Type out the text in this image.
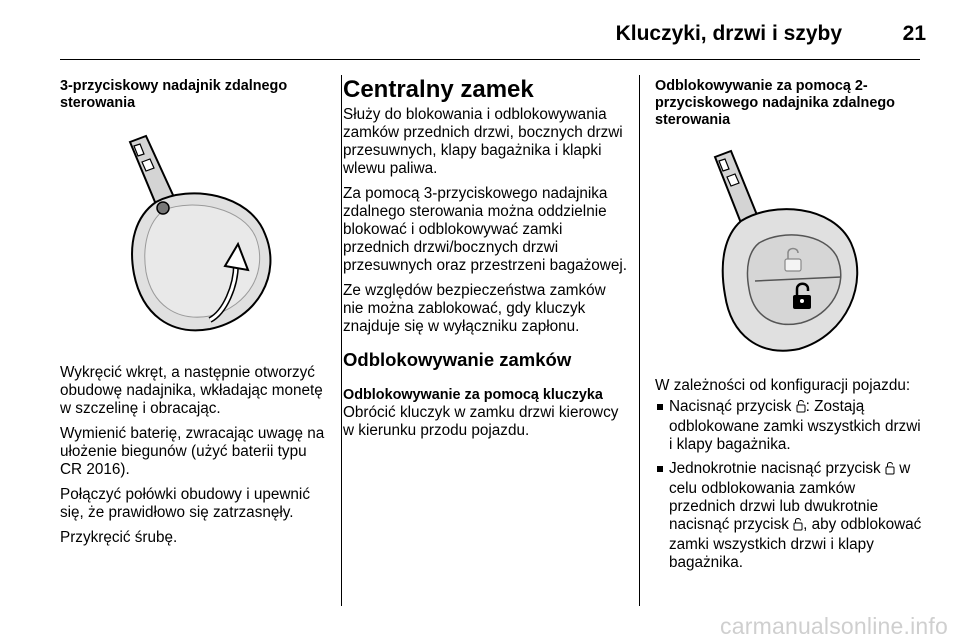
Kluczyki, drzwi i szyby	21
3-przyciskowy nadajnik zdalnego sterowania

Wykręcić wkręt, a następnie otworzyć obudowę nadajnika, wkładając monetę w szczelinę i obracając.

Wymienić baterię, zwracając uwagę na ułożenie biegunów (użyć baterii typu CR 2016).

Połączyć połówki obudowy i upewnić się, że prawidłowo się zatrzasnęły.

Przykręcić śrubę.

Centralny zamek

Służy do blokowania i odblokowywania zamków przednich drzwi, bocznych drzwi przesuwnych, klapy bagażnika i klapki wlewu paliwa.

Za pomocą 3-przyciskowego nadajnika zdalnego sterowania można oddzielnie blokować i odblokowywać zamki przednich drzwi/bocznych drzwi przesuwnych oraz przestrzeni bagażowej.

Ze względów bezpieczeństwa zamków nie można zablokować, gdy kluczyk znajduje się w wyłączniku zapłonu.

Odblokowywanie zamków
Odblokowywanie za pomocą kluczyka

Obrócić kluczyk w zamku drzwi kierowcy w kierunku przodu pojazdu.

Odblokowywanie za pomocą 2-przyciskowego nadajnika zdalnego sterowania

W zależności od konfiguracji pojazdu:

Nacisnąć przycisk : Zostają odblokowane zamki wszystkich drzwi i klapy bagażnika.
Jednokrotnie nacisnąć przycisk  w celu odblokowania zamków przednich drzwi lub dwukrotnie nacisnąć przycisk , aby odblokować zamki wszystkich drzwi i klapy bagażnika.
carmanualsonline.info
